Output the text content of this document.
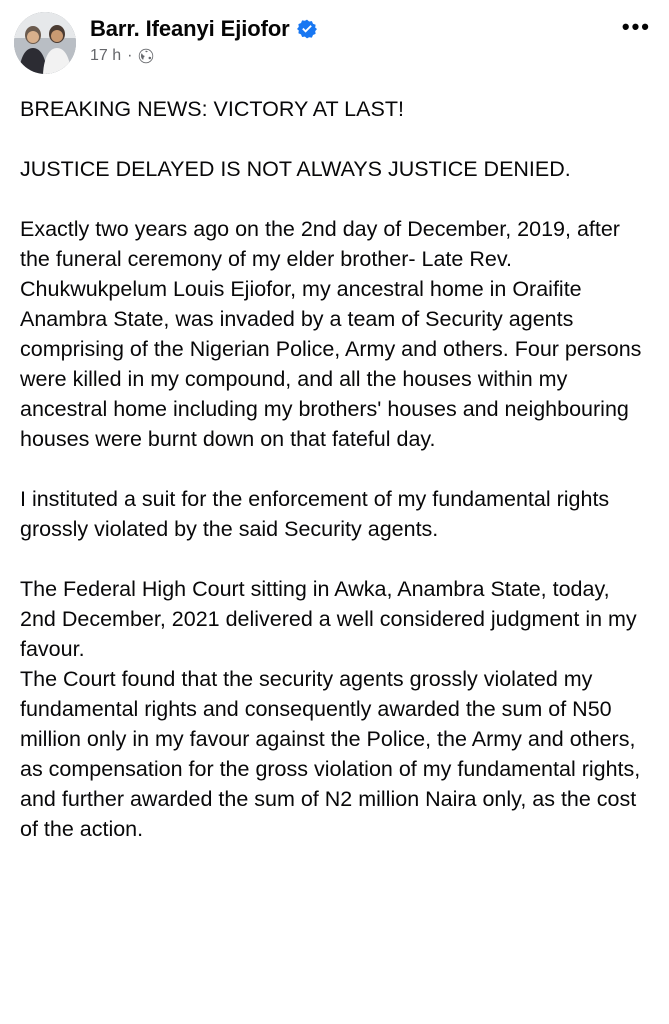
Barr. Ifeanyi Ejiofor
17 h ·
•••

BREAKING NEWS: VICTORY AT LAST!

JUSTICE DELAYED IS NOT ALWAYS JUSTICE DENIED.

Exactly two years ago on the 2nd day of December, 2019, after the funeral ceremony of my elder brother- Late Rev. Chukwukpelum Louis Ejiofor, my ancestral home in Oraifite Anambra State, was invaded by a team of Security agents comprising of the Nigerian Police, Army and others. Four persons were killed in my compound, and all the houses within my ancestral home including my brothers' houses and neighbouring houses were burnt down on that fateful day.

I instituted a suit for the enforcement of my fundamental rights grossly violated by the said Security agents.

The Federal High Court sitting in Awka, Anambra State, today, 2nd December, 2021 delivered a well considered judgment in my favour.

The Court found that the security agents grossly violated my fundamental rights and consequently awarded the sum of N50 million only in my favour against the Police, the Army and others, as compensation for the gross violation of my fundamental rights, and further awarded the sum of N2 million Naira only, as the cost of the action.
